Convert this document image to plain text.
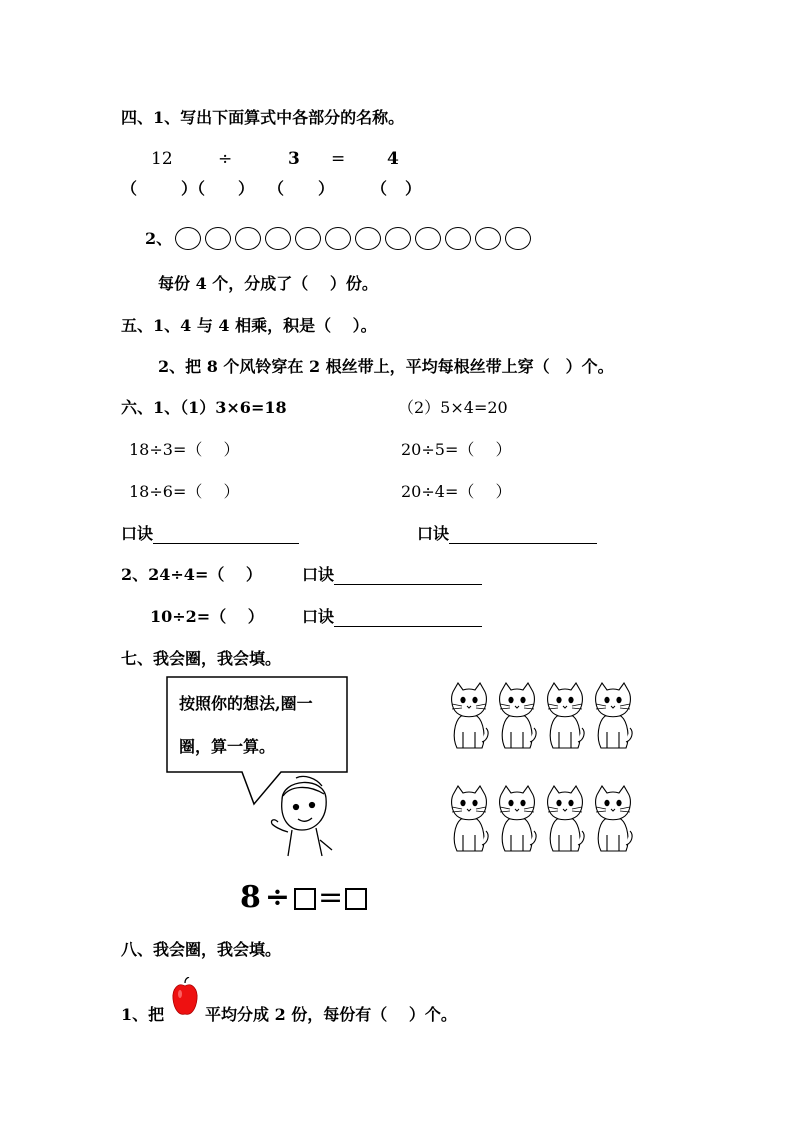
四、1、写出下面算式中各部分的名称。
12	÷	3 = 4
（	）（ ） （ ） （ ）
2、
每份 4 个，分成了（　 ）份。
五、1、4 与 4 相乘，积是（　 ）。
2、把 8 个风铃穿在 2 根丝带上，平均每根丝带上穿（　）个。
六、1、（1）3×6=18	（2）5×4=20
18÷3=（　 ）	20÷5=（　 ）
18÷6=（　 ）	20÷4=（　 ）
口诀	口诀
2、24÷4=（　 ）	口诀
10÷2=（　 ） 口诀
七、我会圈，我会填。
按照你的想法,圈一
圈，算一算。
8 ÷ =
八、我会圈，我会填。
1、把	平均分成 2 份，每份有（　 ）个。
